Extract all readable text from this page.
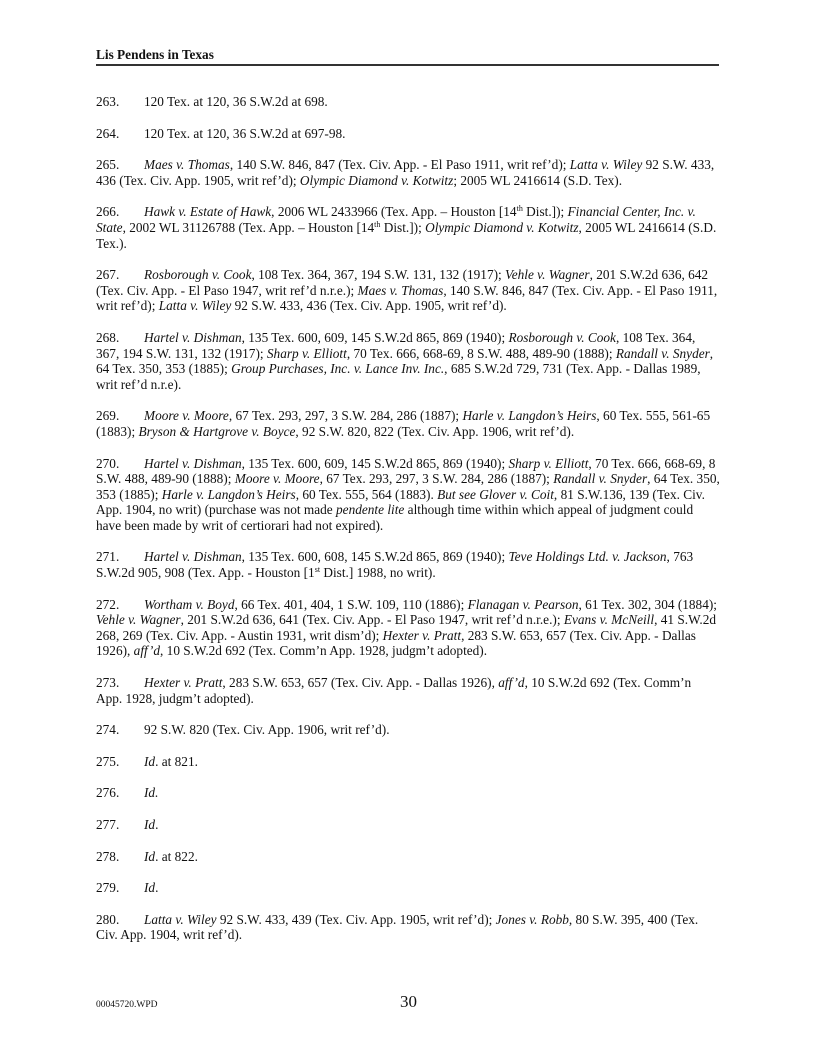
Lis Pendens in Texas

263. 120 Tex. at 120, 36 S.W.2d at 698.

264. 120 Tex. at 120, 36 S.W.2d at 697-98.

265. Maes v. Thomas, 140 S.W. 846, 847 (Tex. Civ. App. - El Paso 1911, writ ref’d); Latta v. Wiley 92 S.W. 433, 436 (Tex. Civ. App. 1905, writ ref’d); Olympic Diamond v. Kotwitz; 2005 WL 2416614 (S.D. Tex).

266. Hawk v. Estate of Hawk, 2006 WL 2433966 (Tex. App. – Houston [14th Dist.]); Financial Center, Inc. v. State, 2002 WL 31126788 (Tex. App. – Houston [14th Dist.]); Olympic Diamond v. Kotwitz, 2005 WL 2416614 (S.D. Tex.).

267. Rosborough v. Cook, 108 Tex. 364, 367, 194 S.W. 131, 132 (1917); Vehle v. Wagner, 201 S.W.2d 636, 642 (Tex. Civ. App. - El Paso 1947, writ ref’d n.r.e.); Maes v. Thomas, 140 S.W. 846, 847 (Tex. Civ. App. - El Paso 1911, writ ref’d); Latta v. Wiley 92 S.W. 433, 436 (Tex. Civ. App. 1905, writ ref’d).

268. Hartel v. Dishman, 135 Tex. 600, 609, 145 S.W.2d 865, 869 (1940); Rosborough v. Cook, 108 Tex. 364, 367, 194 S.W. 131, 132 (1917); Sharp v. Elliott, 70 Tex. 666, 668-69, 8 S.W. 488, 489-90 (1888); Randall v. Snyder, 64 Tex. 350, 353 (1885); Group Purchases, Inc. v. Lance Inv. Inc., 685 S.W.2d 729, 731 (Tex. App. - Dallas 1989, writ ref’d n.r.e).

269. Moore v. Moore, 67 Tex. 293, 297, 3 S.W. 284, 286 (1887); Harle v. Langdon’s Heirs, 60 Tex. 555, 561-65 (1883); Bryson & Hartgrove v. Boyce, 92 S.W. 820, 822 (Tex. Civ. App. 1906, writ ref’d).

270. Hartel v. Dishman, 135 Tex. 600, 609, 145 S.W.2d 865, 869 (1940); Sharp v. Elliott, 70 Tex. 666, 668-69, 8 S.W. 488, 489-90 (1888); Moore v. Moore, 67 Tex. 293, 297, 3 S.W. 284, 286 (1887); Randall v. Snyder, 64 Tex. 350, 353 (1885); Harle v. Langdon’s Heirs, 60 Tex. 555, 564 (1883). But see Glover v. Coit, 81 S.W.136, 139 (Tex. Civ. App. 1904, no writ) (purchase was not made pendente lite although time within which appeal of judgment could have been made by writ of certiorari had not expired).

271. Hartel v. Dishman, 135 Tex. 600, 608, 145 S.W.2d 865, 869 (1940); Teve Holdings Ltd. v. Jackson, 763 S.W.2d 905, 908 (Tex. App. - Houston [1st Dist.] 1988, no writ).

272. Wortham v. Boyd, 66 Tex. 401, 404, 1 S.W. 109, 110 (1886); Flanagan v. Pearson, 61 Tex. 302, 304 (1884); Vehle v. Wagner, 201 S.W.2d 636, 641 (Tex. Civ. App. - El Paso 1947, writ ref’d n.r.e.); Evans v. McNeill, 41 S.W.2d 268, 269 (Tex. Civ. App. - Austin 1931, writ dism’d); Hexter v. Pratt, 283 S.W. 653, 657 (Tex. Civ. App. - Dallas 1926), aff’d, 10 S.W.2d 692 (Tex. Comm’n App. 1928, judgm’t adopted).

273. Hexter v. Pratt, 283 S.W. 653, 657 (Tex. Civ. App. - Dallas 1926), aff’d, 10 S.W.2d 692 (Tex. Comm’n App. 1928, judgm’t adopted).

274. 92 S.W. 820 (Tex. Civ. App. 1906, writ ref’d).

275. Id. at 821.

276. Id.

277. Id.

278. Id. at 822.

279. Id.

280. Latta v. Wiley 92 S.W. 433, 439 (Tex. Civ. App. 1905, writ ref’d); Jones v. Robb, 80 S.W. 395, 400 (Tex. Civ. App. 1904, writ ref’d).

00045720.WPD	30
